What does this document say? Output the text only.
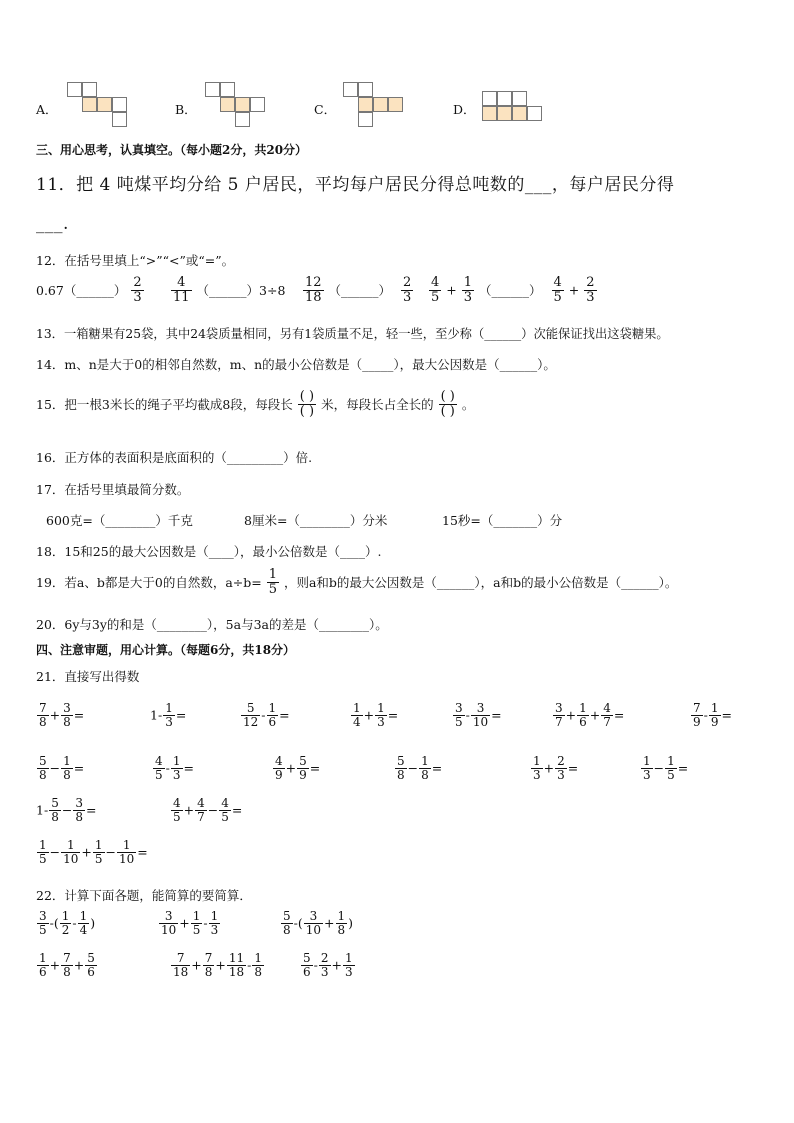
A．	B．	C．	D．
三、用心思考，认真填空。（每小题2分，共20分）
11．把 4 吨煤平均分给 5 户居民，平均每户居民分得总吨数的___，每户居民分得
___.
12．在括号里填上“>”“<”或“=”。
0.67（______） $\frac{2}{3} \frac{4}{11}$ （______）3÷8 $\frac{12}{18}$ （______） $\frac{2}{3} \frac{4}{5} + \frac{1}{3}$ （______） $\frac{4}{5} + \frac{2}{3}$
13．一箱糖果有25袋，其中24袋质量相同，另有1袋质量不足，轻一些，至少称（______）次能保证找出这袋糖果。
14．m、n是大于0的相邻自然数，m、n的最小公倍数是（_____），最大公因数是（______）。
15．把一根3米长的绳子平均截成8段，每段长 $\frac{( )}{( )}$ 米，每段长占全长的 $\frac{( )}{( )}$ 。
16．正方体的表面积是底面积的（_________）倍.
17．在括号里填最简分数。
600克=（________）千克	8厘米=（________）分米	15秒=（_______）分
18．15和25的最大公因数是（____），最小公倍数是（____）.
19．若a、b都是大于0的自然数，$a\div b= \frac{1}{5}$ ，则a和b的最大公因数是（______），a和b的最小公倍数是（______）。
20．6y与3y的和是（________），5a与3a的差是（________）。
四、注意审题，用心计算。（每题6分，共18分）
21．直接写出得数
$\frac{7}{8} + \frac{3}{8}$ =	$1- \frac{1}{3}$ =	$\frac{5}{12} - \frac{1}{6}$ =	$\frac{1}{4} + \frac{1}{3}$ =	$\frac{3}{5} - \frac{3}{10}$ =	$\frac{3}{7} + \frac{1}{6} + \frac{4}{7}$ =	$\frac{7}{9} - \frac{1}{9}$ =
$\frac{5}{8} - \frac{1}{8}$ =	$\frac{4}{5} - \frac{1}{3}$ =	$\frac{4}{9} + \frac{5}{9}$ =	$\frac{5}{8} - \frac{1}{8}$ =	$\frac{1}{3} + \frac{2}{3}$ =	$\frac{1}{3} - \frac{1}{5}$ =
$1- \frac{5}{8} - \frac{3}{8}$ =	$\frac{4}{5} + \frac{4}{7} - \frac{4}{5}$ =
$\frac{1}{5} - \frac{1}{10} + \frac{1}{5} - \frac{1}{10}$ =
22．计算下面各题，能简算的要简算．
$\frac{3}{5}$ -( $\frac{1}{2} - \frac{1}{4}$ )	$\frac{3}{10} + \frac{1}{5} - \frac{1}{3}$	$\frac{5}{8}$ -( $\frac{3}{10} + \frac{1}{8}$ )
$\frac{1}{6} + \frac{7}{8} + \frac{5}{6}$	$\frac{7}{18} + \frac{7}{8} + \frac{11}{18} - \frac{1}{8}$	$\frac{5}{6} - \frac{2}{3} + \frac{1}{3}$
